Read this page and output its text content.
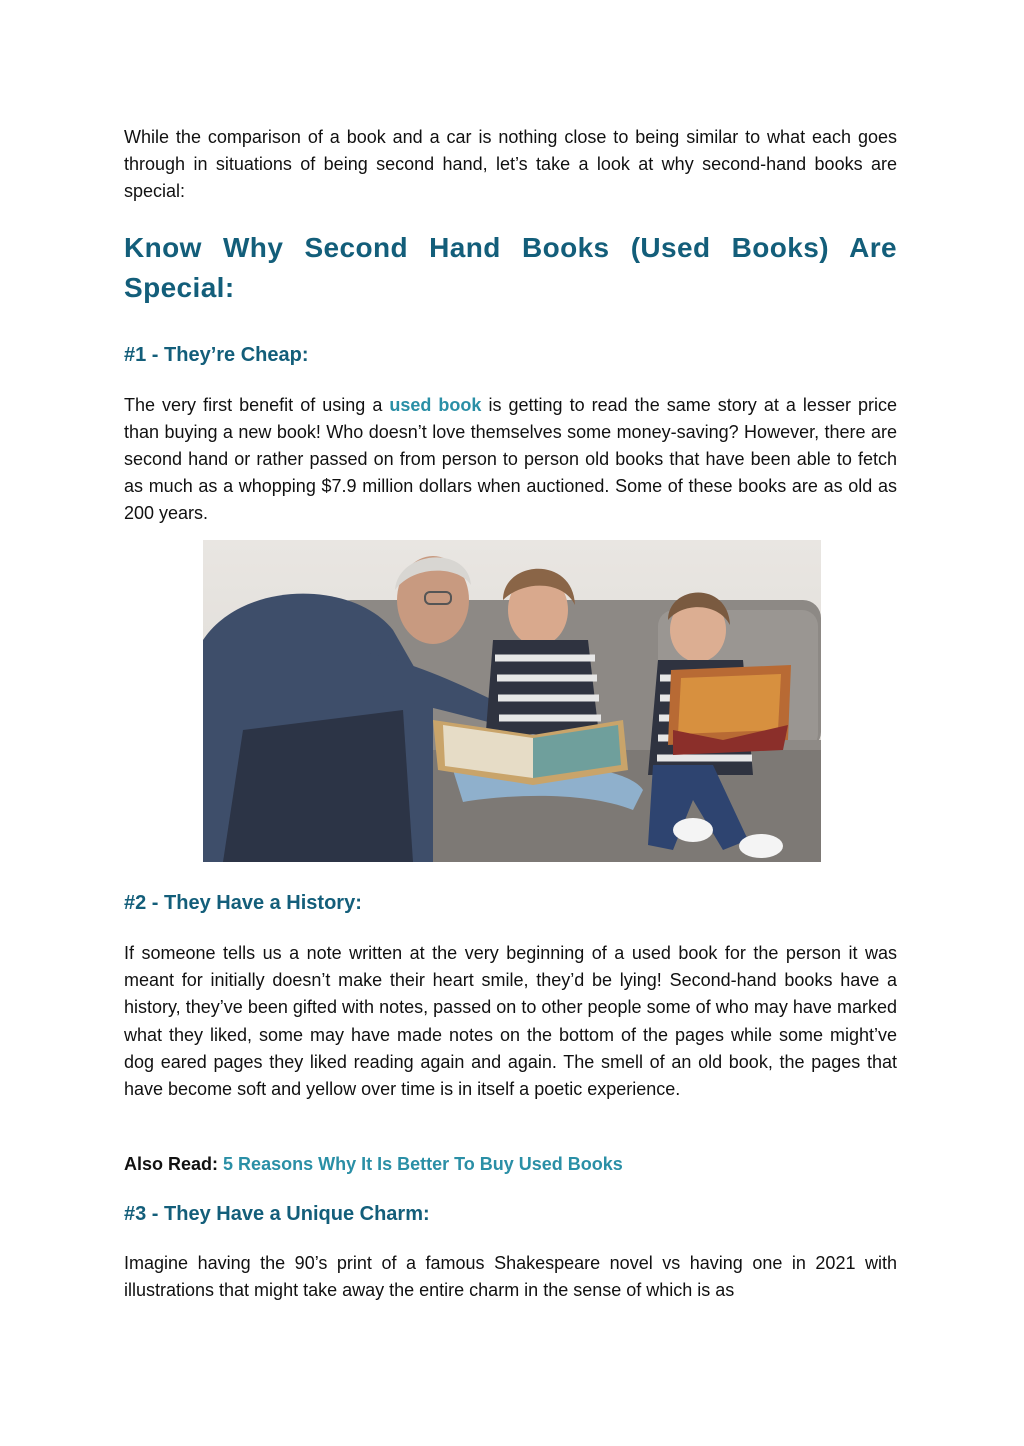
While the comparison of a book and a car is nothing close to being similar to what each goes through in situations of being second hand, let’s take a look at why second-hand books are special:

Know Why Second Hand Books (Used Books) Are Special:
#1 - They’re Cheap:

The very first benefit of using a used book is getting to read the same story at a lesser price than buying a new book! Who doesn’t love themselves some money-saving? However, there are second hand or rather passed on from person to person old books that have been able to fetch as much as a whopping $7.9 million dollars when auctioned. Some of these books are as old as 200 years.

#2 - They Have a History:

If someone tells us a note written at the very beginning of a used book for the person it was meant for initially doesn’t make their heart smile, they’d be lying! Second-hand books have a history, they’ve been gifted with notes, passed on to other people some of who may have marked what they liked, some may have made notes on the bottom of the pages while some might’ve dog eared pages they liked reading again and again. The smell of an old book, the pages that have become soft and yellow over time is in itself a poetic experience.

Also Read: 5 Reasons Why It Is Better To Buy Used Books

#3 - They Have a Unique Charm:

Imagine having the 90’s print of a famous Shakespeare novel vs having one in 2021 with illustrations that might take away the entire charm in the sense of which is as
